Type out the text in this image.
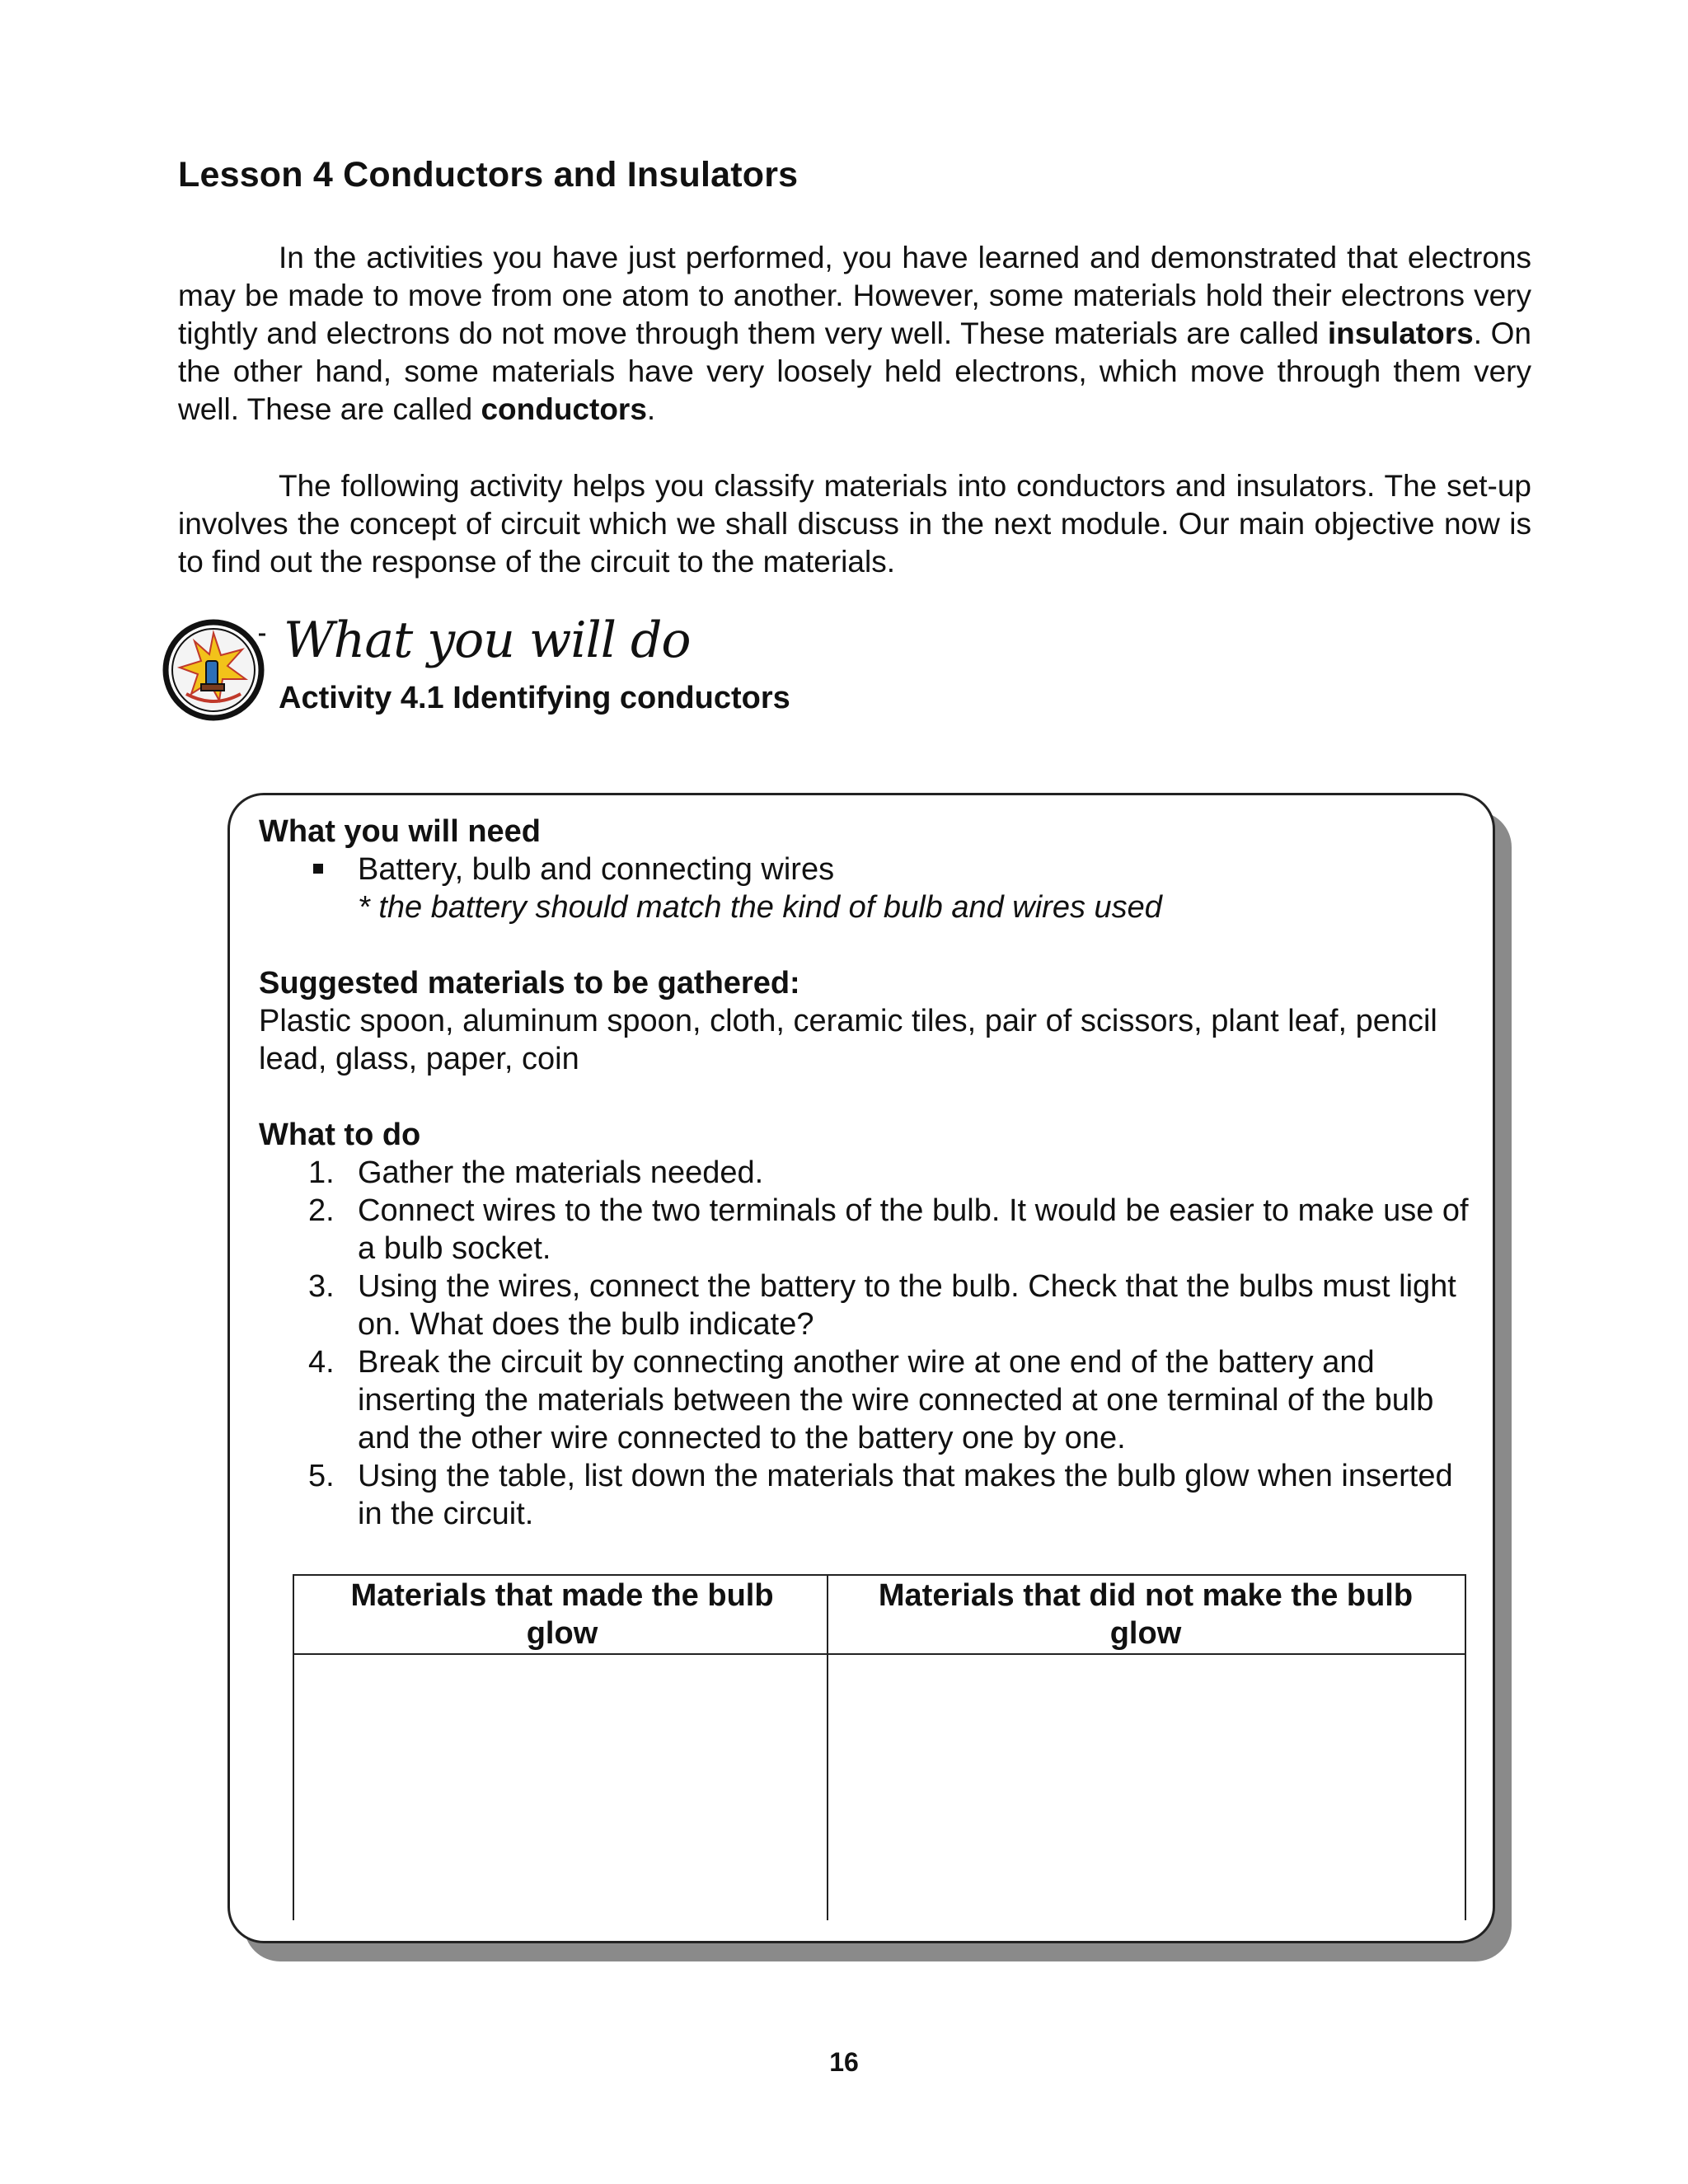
Lesson 4 Conductors and Insulators

In the activities you have just performed, you have learned and demonstrated that electrons may be made to move from one atom to another. However, some materials hold their electrons very tightly and electrons do not move through them very well. These materials are called insulators. On the other hand, some materials have very loosely held electrons, which move through them very well. These are called conductors.

The following activity helps you classify materials into conductors and insulators. The set-up involves the concept of circuit which we shall discuss in the next module. Our main objective now is to find out the response of the circuit to the materials.

What you will do
Activity 4.1 Identifying conductors
What you will need
Battery, bulb and connecting wires
* the battery should match the kind of bulb and wires used
Suggested materials to be gathered:
Plastic spoon, aluminum spoon, cloth, ceramic tiles, pair of scissors, plant leaf, pencil lead, glass, paper, coin
What to do
1. Gather the materials needed.
2. Connect wires to the two terminals of the bulb. It would be easier to make use of a bulb socket.
3. Using the wires, connect the battery to the bulb. Check that the bulbs must light on. What does the bulb indicate?
4. Break the circuit by connecting another wire at one end of the battery and inserting the materials between the wire connected at one terminal of the bulb and the other wire connected to the battery one by one.
5. Using the table, list down the materials that makes the bulb glow when inserted in the circuit.
Materials that made the bulb glow
Materials that did not make the bulb glow
16
